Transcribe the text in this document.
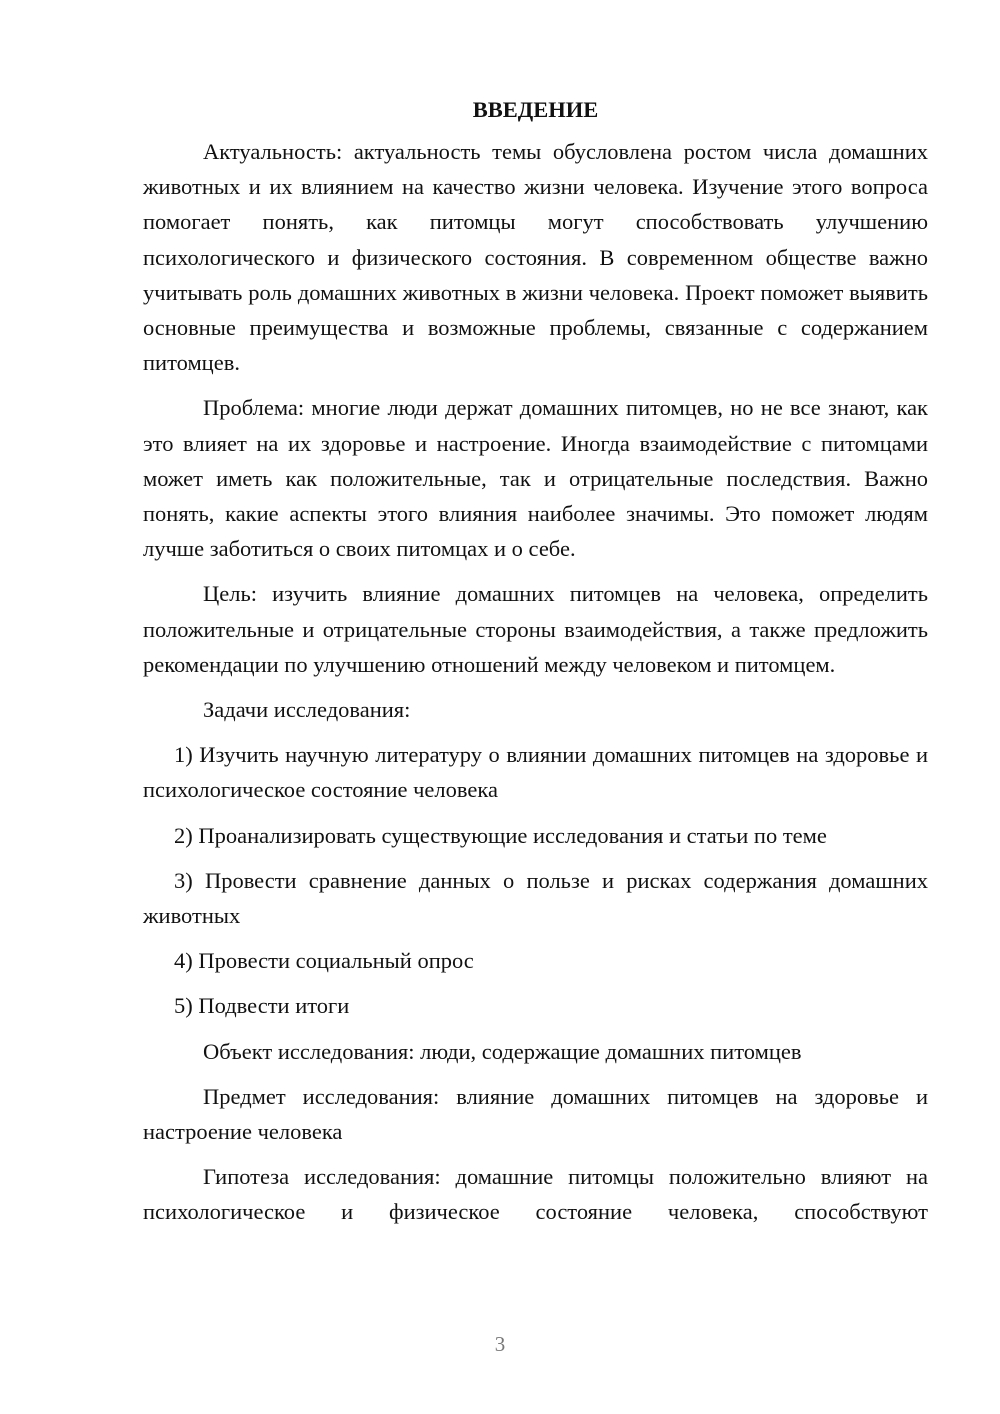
ВВЕДЕНИЕ

Актуальность: актуальность темы обусловлена ростом числа домашних животных и их влиянием на качество жизни человека. Изучение этого вопроса помогает понять, как питомцы могут способствовать улучшению психологического и физического состояния. В современном обществе важно учитывать роль домашних животных в жизни человека. Проект поможет выявить основные преимущества и возможные проблемы, связанные с содержанием питомцев.

Проблема: многие люди держат домашних питомцев, но не все знают, как это влияет на их здоровье и настроение. Иногда взаимодействие с питомцами может иметь как положительные, так и отрицательные последствия. Важно понять, какие аспекты этого влияния наиболее значимы. Это поможет людям лучше заботиться о своих питомцах и о себе.

Цель: изучить влияние домашних питомцев на человека, определить положительные и отрицательные стороны взаимодействия, а также предложить рекомендации по улучшению отношений между человеком и питомцем.

Задачи исследования:

1) Изучить научную литературу о влиянии домашних питомцев на здоровье и психологическое состояние человека

2) Проанализировать существующие исследования и статьи по теме

3) Провести сравнение данных о пользе и рисках содержания домашних животных

4) Провести социальный опрос

5) Подвести итоги

Объект исследования: люди, содержащие домашних питомцев

Предмет исследования: влияние домашних питомцев на здоровье и настроение человека

Гипотеза исследования: домашние питомцы положительно влияют на психологическое и физическое состояние человека, способствуют

3
